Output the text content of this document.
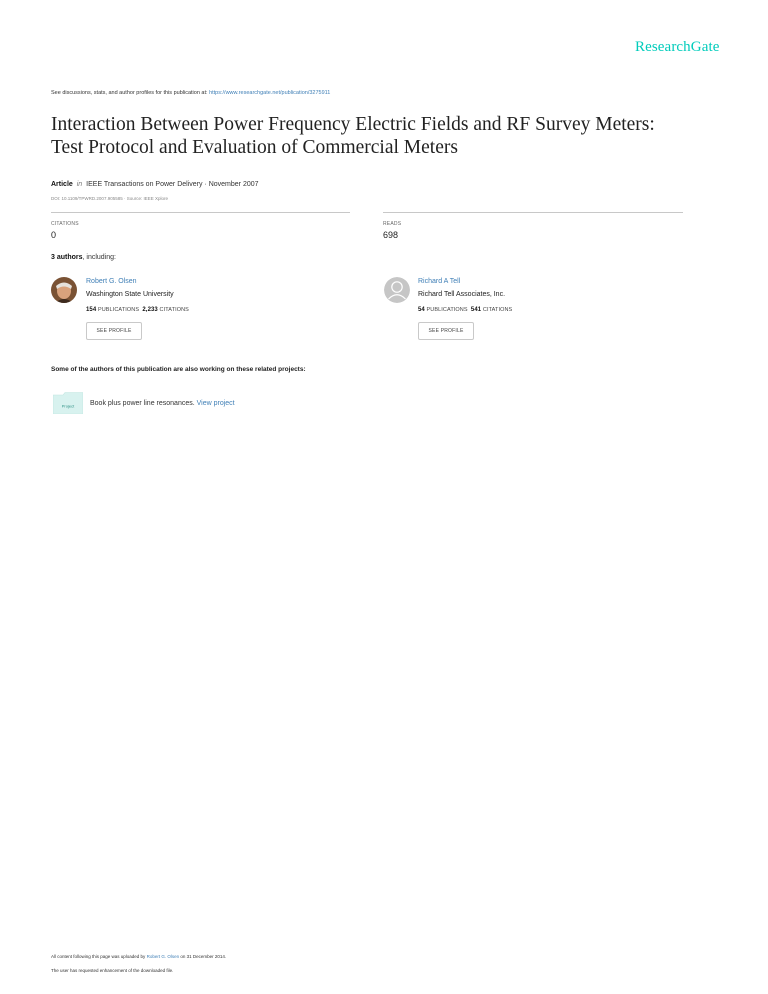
ResearchGate
See discussions, stats, and author profiles for this publication at: https://www.researchgate.net/publication/3275911
Interaction Between Power Frequency Electric Fields and RF Survey Meters:
Test Protocol and Evaluation of Commercial Meters
Article in IEEE Transactions on Power Delivery · November 2007
DOI: 10.1109/TPWRD.2007.905585 · Source: IEEE Xplore
CITATIONS
0
READS
698
3 authors, including:
Robert G. Olsen
Washington State University
154 PUBLICATIONS 2,233 CITATIONS
SEE PROFILE
Richard A Tell
Richard Tell Associates, Inc.
54 PUBLICATIONS 541 CITATIONS
SEE PROFILE
Some of the authors of this publication are also working on these related projects:
Project Book plus power line resonances. View project
All content following this page was uploaded by Robert G. Olsen on 31 December 2014.
The user has requested enhancement of the downloaded file.
